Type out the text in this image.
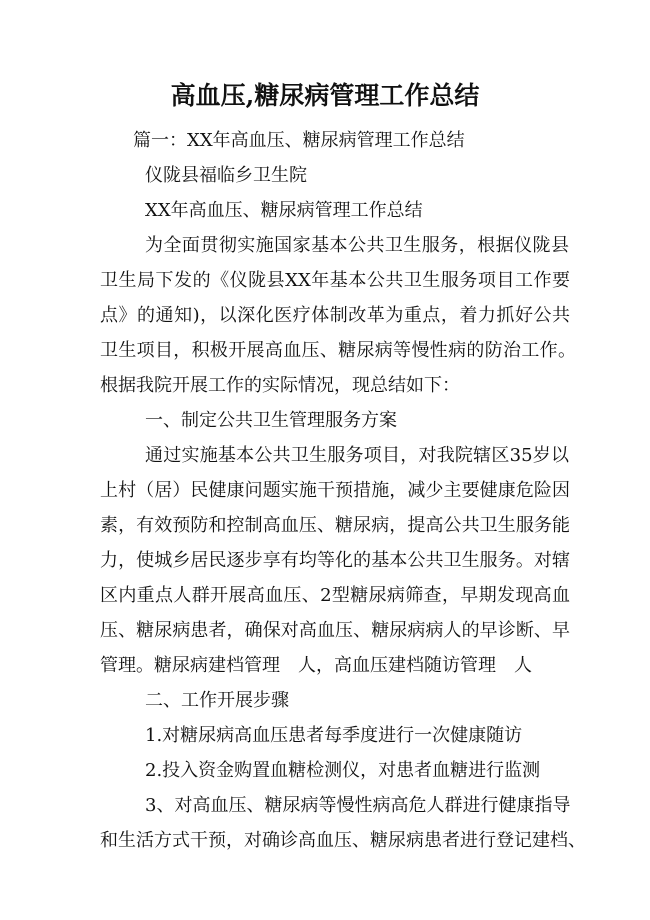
高血压,糖尿病管理工作总结
篇一：XX年高血压、糖尿病管理工作总结
仪陇县福临乡卫生院
XX年高血压、糖尿病管理工作总结
为全面贯彻实施国家基本公共卫生服务，根据仪陇县
卫生局下发的《仪陇县XX年基本公共卫生服务项目工作要
点》的通知)，以深化医疗体制改革为重点，着力抓好公共
卫生项目，积极开展高血压、糖尿病等慢性病的防治工作。
根据我院开展工作的实际情况，现总结如下：
一、制定公共卫生管理服务方案
通过实施基本公共卫生服务项目，对我院辖区35岁以
上村（居）民健康问题实施干预措施，减少主要健康危险因
素，有效预防和控制高血压、糖尿病，提高公共卫生服务能
力，使城乡居民逐步享有均等化的基本公共卫生服务。对辖
区内重点人群开展高血压、2型糖尿病筛查，早期发现高血
压、糖尿病患者，确保对高血压、糖尿病病人的早诊断、早
管理。糖尿病建档管理　人，高血压建档随访管理　人
二、工作开展步骤
1.对糖尿病高血压患者每季度进行一次健康随访
2.投入资金购置血糖检测仪，对患者血糖进行监测
3、对高血压、糖尿病等慢性病高危人群进行健康指导
和生活方式干预，对确诊高血压、糖尿病患者进行登记建档、
